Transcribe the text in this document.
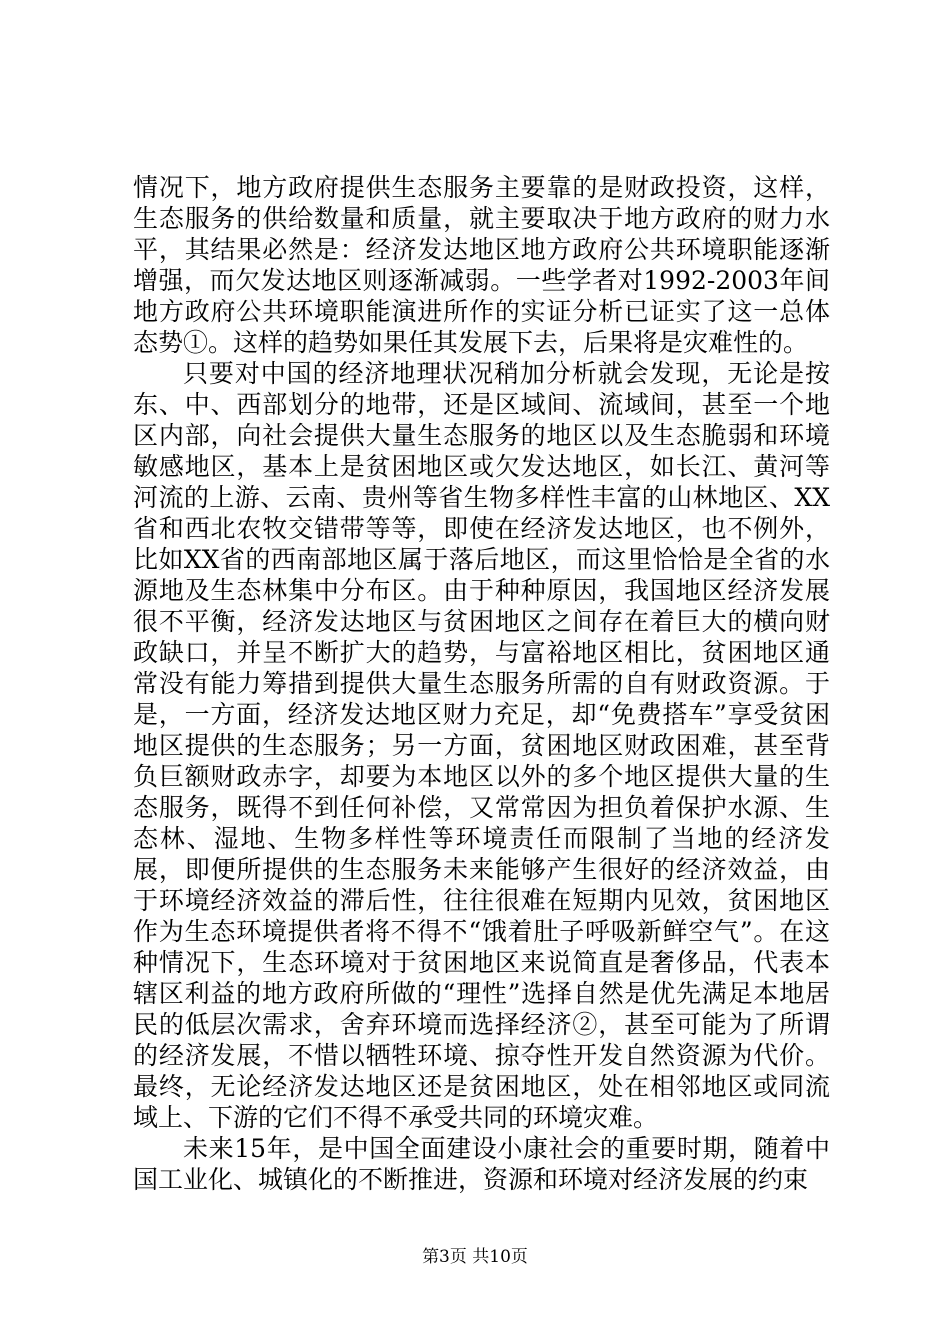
情况下，地方政府提供生态服务主要靠的是财政投资，这样，生态服务的供给数量和质量，就主要取决于地方政府的财力水平，其结果必然是：经济发达地区地方政府公共环境职能逐渐增强，而欠发达地区则逐渐减弱。一些学者对1992-2003年间地方政府公共环境职能演进所作的实证分析已证实了这一总体态势①。这样的趋势如果任其发展下去，后果将是灾难性的。

只要对中国的经济地理状况稍加分析就会发现，无论是按东、中、西部划分的地带，还是区域间、流域间，甚至一个地区内部，向社会提供大量生态服务的地区以及生态脆弱和环境敏感地区，基本上是贫困地区或欠发达地区，如长江、黄河等河流的上游、云南、贵州等省生物多样性丰富的山林地区、XX省和西北农牧交错带等等，即使在经济发达地区，也不例外，比如XX省的西南部地区属于落后地区，而这里恰恰是全省的水源地及生态林集中分布区。由于种种原因，我国地区经济发展很不平衡，经济发达地区与贫困地区之间存在着巨大的横向财政缺口，并呈不断扩大的趋势，与富裕地区相比，贫困地区通常没有能力筹措到提供大量生态服务所需的自有财政资源。于是，一方面，经济发达地区财力充足，却“免费搭车”享受贫困地区提供的生态服务；另一方面，贫困地区财政困难，甚至背负巨额财政赤字，却要为本地区以外的多个地区提供大量的生态服务，既得不到任何补偿，又常常因为担负着保护水源、生态林、湿地、生物多样性等环境责任而限制了当地的经济发展，即便所提供的生态服务未来能够产生很好的经济效益，由于环境经济效益的滞后性，往往很难在短期内见效，贫困地区作为生态环境提供者将不得不“饿着肚子呼吸新鲜空气”。在这种情况下，生态环境对于贫困地区来说简直是奢侈品，代表本辖区利益的地方政府所做的“理性”选择自然是优先满足本地居民的低层次需求，舍弃环境而选择经济②，甚至可能为了所谓的经济发展，不惜以牺牲环境、掠夺性开发自然资源为代价。最终，无论经济发达地区还是贫困地区，处在相邻地区或同流域上、下游的它们不得不承受共同的环境灾难。

未来15年，是中国全面建设小康社会的重要时期，随着中国工业化、城镇化的不断推进，资源和环境对经济发展的约束

第3页 共10页
